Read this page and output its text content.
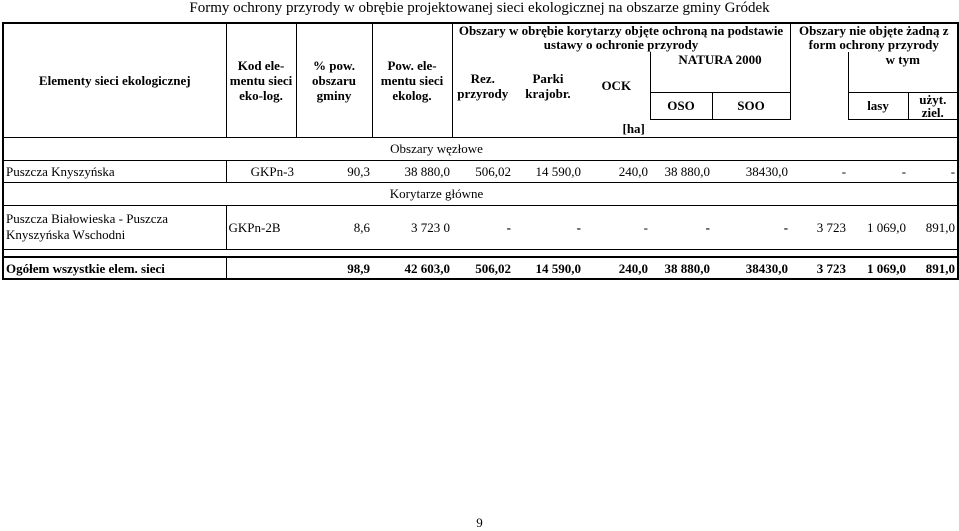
Formy ochrony przyrody w obrębie projektowanej sieci ekologicznej na obszarze gminy Gródek
Elementy sieci ekologicznej	Kod ele-mentu sieci eko-log.	% pow. obszaru gminy	Pow. ele-mentu sieci ekolog.	Obszary w obrębie korytarzy objęte ochroną na podstawie ustawy o ochronie przyrody					Obszary nie objęte żadną z form ochrony przyrody		
				Rez. przyrody	Parki krajobr.	OCK	NATURA 2000			w tym	
							OSO	SOO		lasy	użyt. ziel.
				[ha]							
Obszary węzłowe											
Puszcza Knyszyńska	GKPn-3	90,3	38 880,0	506,02	14 590,0	240,0	38 880,0	38430,0	-	-	-
Korytarze główne											
Puszcza Białowieska - Puszcza Knyszyńska Wschodni	GKPn-2B	8,6	3 723 0	-	-	-	-	-	3 723	1 069,0	891,0

Ogółem wszystkie elem. sieci		98,9	42 603,0	506,02	14 590,0	240,0	38 880,0	38430,0	3 723	1 069,0	891,0
9
